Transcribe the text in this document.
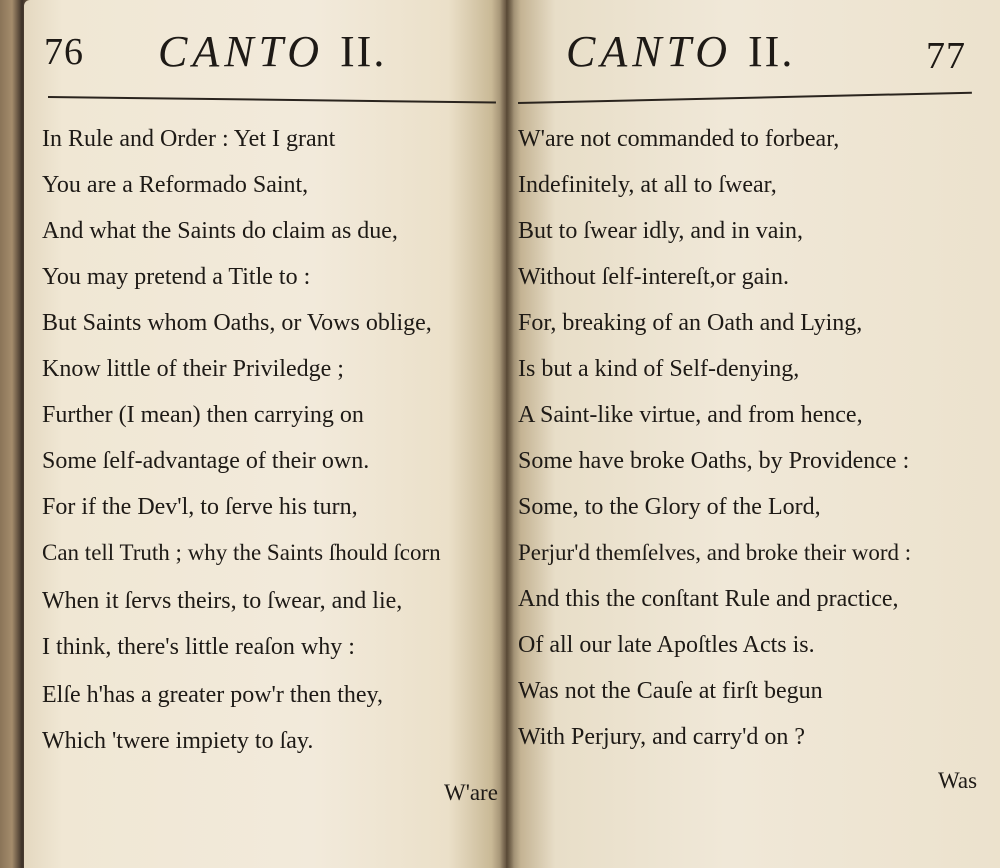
76 CANTO II.
In Rule and Order : Yet I grant
You are a Reformado Saint,
And what the Saints do claim as due,
You may pretend a Title to :
But Saints whom Oaths, or Vows oblige,
Know little of their Priviledge ;
Further (I mean) then carrying on
Some ſelf-advantage of their own.
For if the Dev'l, to ſerve his turn,
Can tell Truth ; why the Saints ſhould ſcorn
When it ſervs theirs, to ſwear, and lie,
I think, there's little reaſon why :
Elſe h'has a greater pow'r then they,
Which 'twere impiety to ſay.
W'are
CANTO II.	77
W'are not commanded to forbear,
Indefinitely, at all to ſwear,
But to ſwear idly, and in vain,
Without ſelf-intereſt,or gain.
For, breaking of an Oath and Lying,
Is but a kind of Self-denying,
A Saint-like virtue, and from hence,
Some have broke Oaths, by Providence :
Some, to the Glory of the Lord,
Perjur'd themſelves, and broke their word :
And this the conſtant Rule and practice,
Of all our late Apoſtles Acts is.
Was not the Cauſe at firſt begun
With Perjury, and carry'd on ?
Was
